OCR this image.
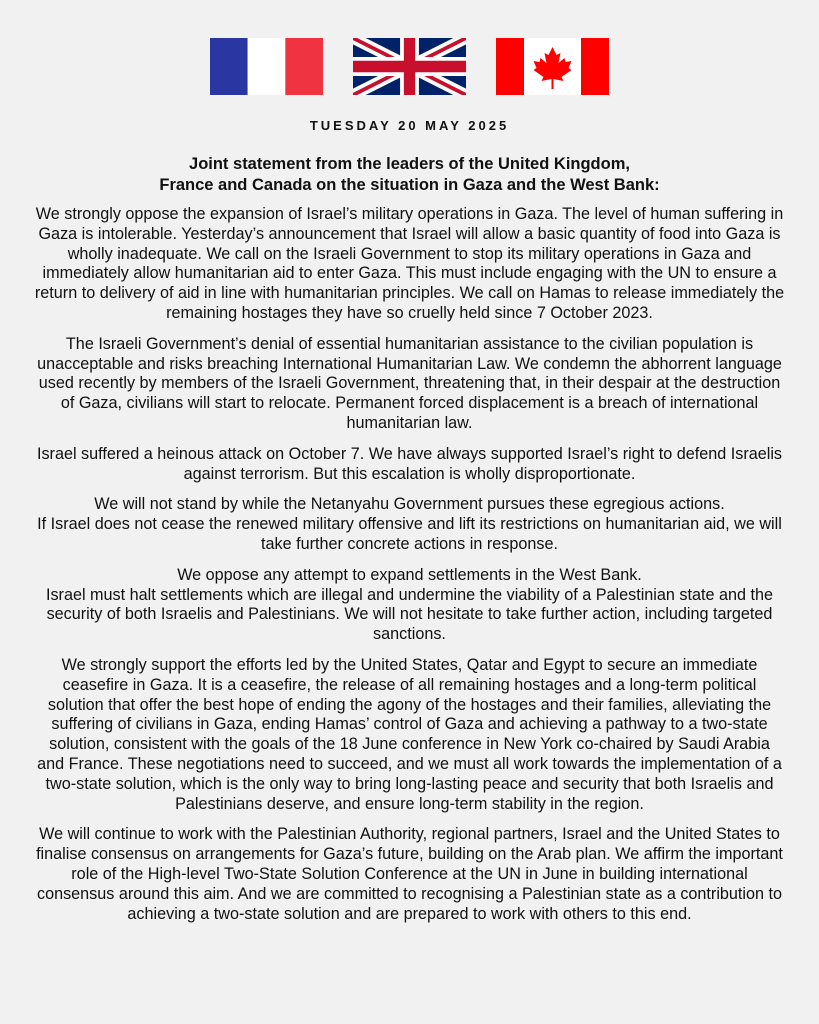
TUESDAY 20 MAY 2025

Joint statement from the leaders of the United Kingdom,
France and Canada on the situation in Gaza and the West Bank:

We strongly oppose the expansion of Israel’s military operations in Gaza. The level of human suffering in Gaza is intolerable. Yesterday’s announcement that Israel will allow a basic quantity of food into Gaza is wholly inadequate. We call on the Israeli Government to stop its military operations in Gaza and immediately allow humanitarian aid to enter Gaza. This must include engaging with the UN to ensure a return to delivery of aid in line with humanitarian principles. We call on Hamas to release immediately the remaining hostages they have so cruelly held since 7 October 2023.

The Israeli Government’s denial of essential humanitarian assistance to the civilian population is unacceptable and risks breaching International Humanitarian Law. We condemn the abhorrent language used recently by members of the Israeli Government, threatening that, in their despair at the destruction of Gaza, civilians will start to relocate. Permanent forced displacement is a breach of international humanitarian law.

Israel suffered a heinous attack on October 7. We have always supported Israel’s right to defend Israelis against terrorism. But this escalation is wholly disproportionate.

We will not stand by while the Netanyahu Government pursues these egregious actions.
If Israel does not cease the renewed military offensive and lift its restrictions on humanitarian aid, we will take further concrete actions in response.

We oppose any attempt to expand settlements in the West Bank.
Israel must halt settlements which are illegal and undermine the viability of a Palestinian state and the security of both Israelis and Palestinians. We will not hesitate to take further action, including targeted sanctions.

We strongly support the efforts led by the United States, Qatar and Egypt to secure an immediate ceasefire in Gaza. It is a ceasefire, the release of all remaining hostages and a long-term political solution that offer the best hope of ending the agony of the hostages and their families, alleviating the suffering of civilians in Gaza, ending Hamas’ control of Gaza and achieving a pathway to a two-state solution, consistent with the goals of the 18 June conference in New York co-chaired by Saudi Arabia and France. These negotiations need to succeed, and we must all work towards the implementation of a two-state solution, which is the only way to bring long-lasting peace and security that both Israelis and Palestinians deserve, and ensure long-term stability in the region.

We will continue to work with the Palestinian Authority, regional partners, Israel and the United States to finalise consensus on arrangements for Gaza’s future, building on the Arab plan. We affirm the important role of the High-level Two-State Solution Conference at the UN in June in building international consensus around this aim. And we are committed to recognising a Palestinian state as a contribution to achieving a two-state solution and are prepared to work with others to this end.
